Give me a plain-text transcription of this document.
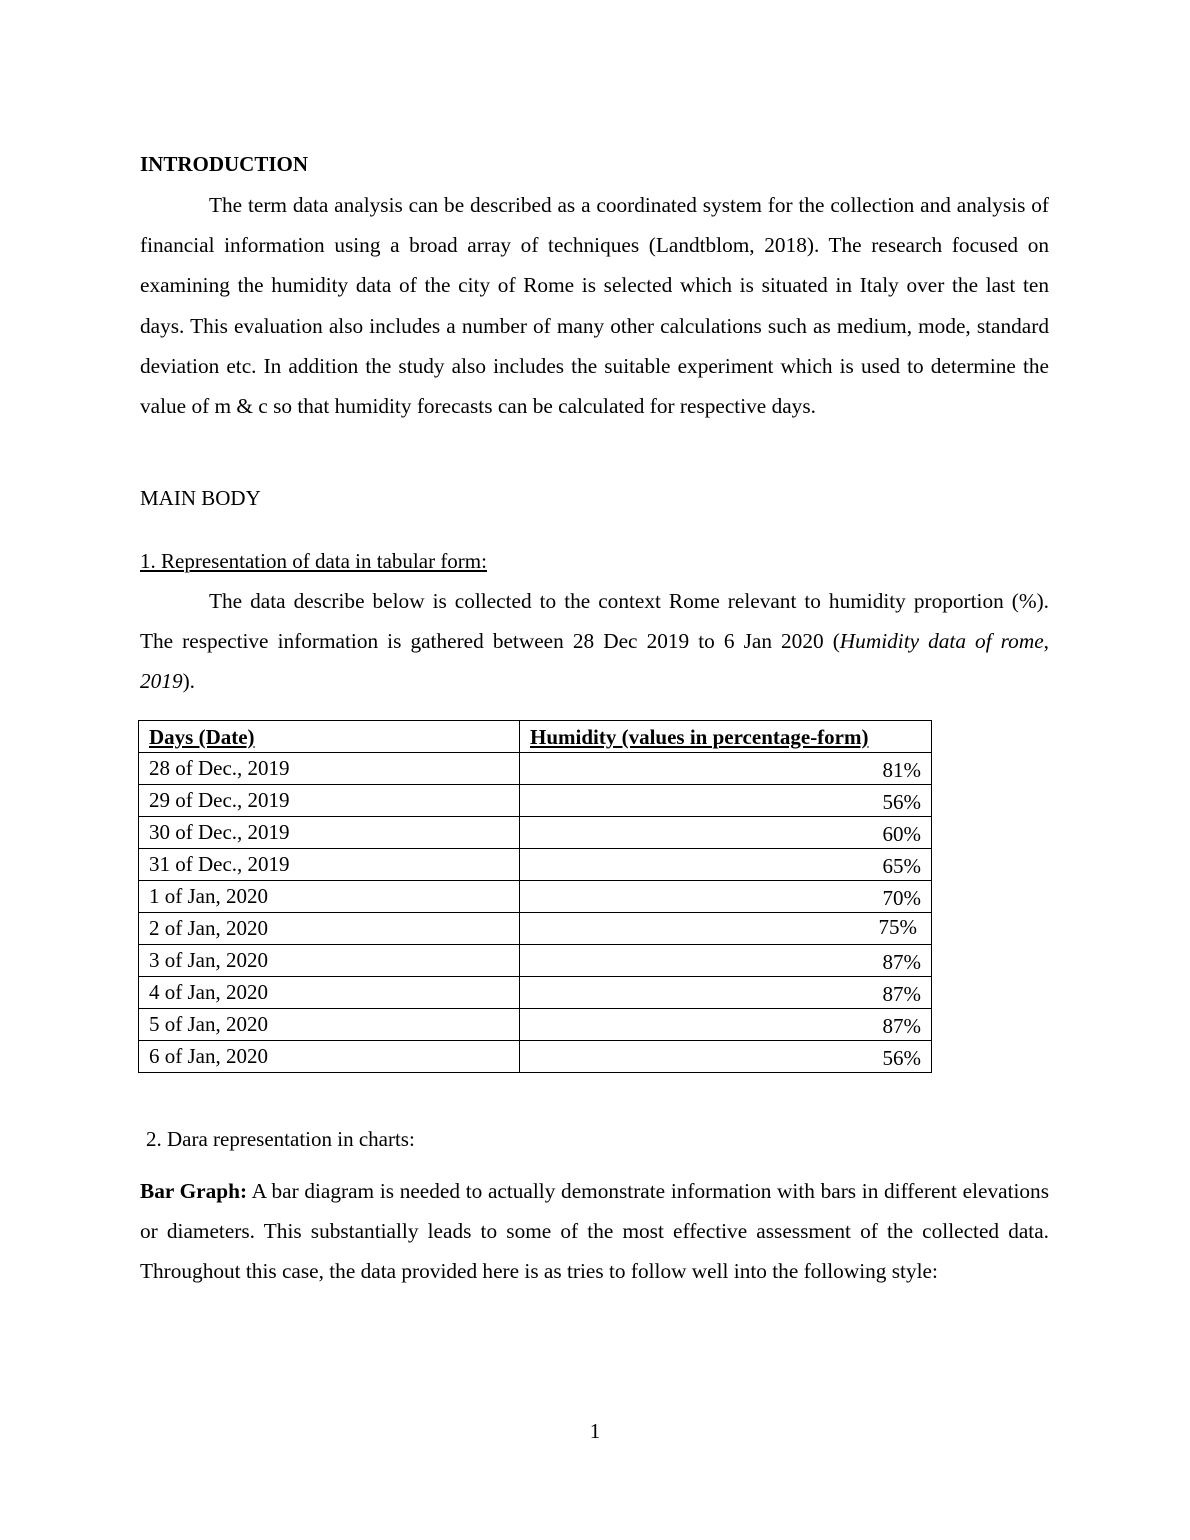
INTRODUCTION

The term data analysis can be described as a coordinated system for the collection and analysis of financial information using a broad array of techniques (Landtblom, 2018). The research focused on examining the humidity data of the city of Rome is selected which is situated in Italy over the last ten days. This evaluation also includes a number of many other calculations such as medium, mode, standard deviation etc. In addition the study also includes the suitable experiment which is used to determine the value of m & c so that humidity forecasts can be calculated for respective days.

MAIN BODY
1. Representation of data in tabular form:

The data describe below is collected to the context Rome relevant to humidity proportion (%). The respective information is gathered between 28 Dec 2019 to 6 Jan 2020 (Humidity data of rome, 2019).

Days (Date)	Humidity (values in percentage-form)
28 of Dec., 2019	81%
29 of Dec., 2019	56%
30 of Dec., 2019	60%
31 of Dec., 2019	65%
1 of Jan, 2020	70%
2 of Jan, 2020	75%
3 of Jan, 2020	87%
4 of Jan, 2020	87%
5 of Jan, 2020	87%
6 of Jan, 2020	56%
2. Dara representation in charts:

Bar Graph: A bar diagram is needed to actually demonstrate information with bars in different elevations or diameters. This substantially leads to some of the most effective assessment of the collected data. Throughout this case, the data provided here is as tries to follow well into the following style:

1
